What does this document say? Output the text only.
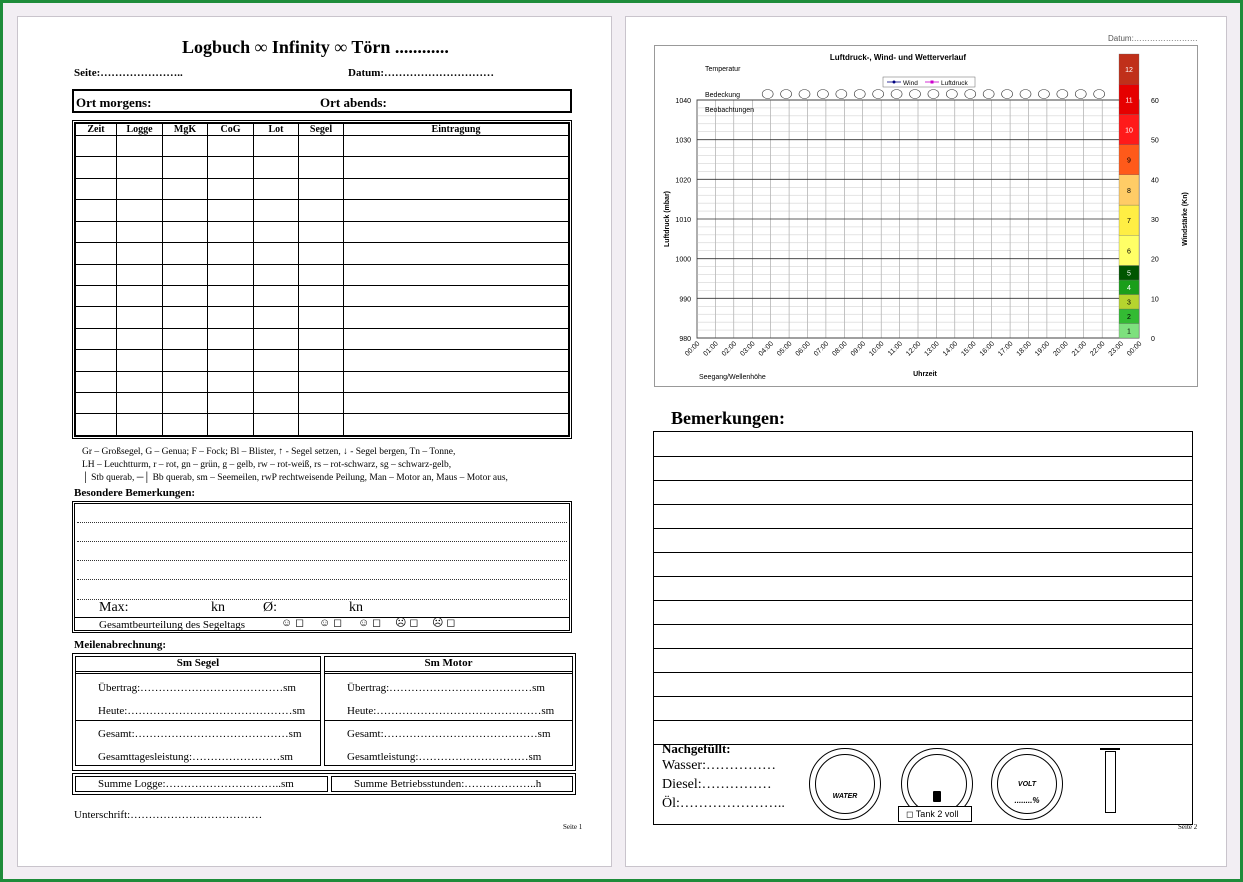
Logbuch ∞ Infinity ∞ Törn ............
Seite:…………………..	Datum:…………………………
Ort morgens:	Ort abends:
Zeit	Logge	MgK	CoG	Lot	Segel	Eintragung

Gr – Großsegel, G – Genua; F – Fock; Bl – Blister, ↑ - Segel setzen, ↓ - Segel bergen, Tn – Tonne,
LH – Leuchtturm, r – rot, gn – grün, g – gelb, rw – rot-weiß, rs – rot-schwarz, sg – schwarz-gelb,
│ Stb querab, ─│ Bb querab, sm – Seemeilen, rwP rechtweisende Peilung, Man – Motor an, Maus – Motor aus,
Besondere Bemerkungen:
Max:	kn	Ø:	kn
Gesamtbeurteilung des Segeltags	☺ ◻ ☺ ◻ ☺ ◻ ☹ ◻ ☹ ◻
Meilenabrechnung:
Sm Segel
Übertrag:…………………………………sm
Heute:………………………………………sm
Gesamt:……………………………………sm
Gesamttagesleistung:……………………sm
Sm Motor
Übertrag:…………………………………sm
Heute:………………………………………sm
Gesamt:……………………………………sm
Gesamtleistung:…………………………sm
Summe Logge:…………………………..sm	Summe Betriebsstunden:………………..h
Unterschrift:………………………………
Seite 1
Datum:……………………
980
990
1000
1010
1020
1030
1040
0
10
20
30
40
50
60
1
2
3
4
5
6
7
8
9
10
11
12
00:00 01:00 02:00 03:00 04:00 05:00 06:00 07:00 08:00 09:00 10:00 11:00 12:00 13:00 14:00 15:00 16:00 17:00 18:00 19:00 20:00 21:00 22:00 23:00 00:00
Luftdruck-, Wind- und Wetterverlauf
Wind	Luftdruck
Temperatur
Bedeckung
Beobachtungen
Seegang/Wellenhöhe	Uhrzeit
Luftdruck (mbar)	Windstärke (Kn)
Bemerkungen:
Nachgefüllt:
Wasser:……………
Diesel:……………
Öl:…………………..	WATER
◻ Tank 2 voll
VOLT
........%
Seite 2
